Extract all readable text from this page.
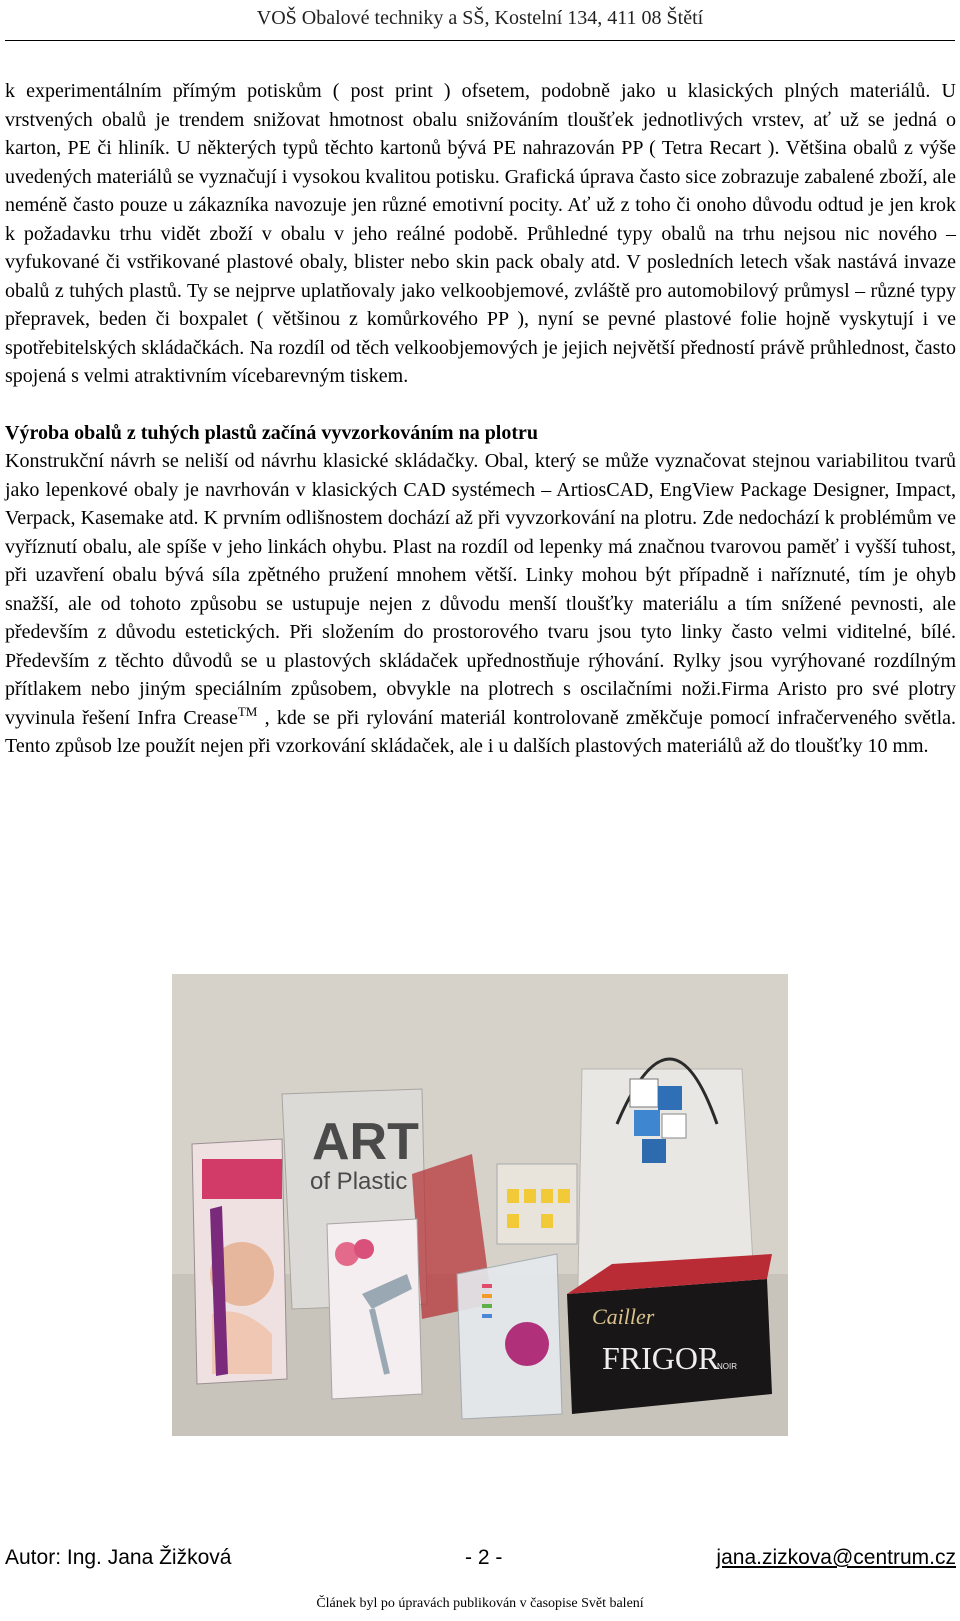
VOŠ Obalové techniky a SŠ, Kostelní 134, 411 08 Štětí

k experimentálním přímým potiskům ( post print ) ofsetem, podobně jako u klasických plných materiálů. U vrstvených obalů je trendem snižovat hmotnost obalu snižováním tloušťek jednotlivých vrstev, ať už se jedná o karton, PE či hliník. U některých typů těchto kartonů bývá PE nahrazován PP ( Tetra Recart ). Většina obalů z výše uvedených materiálů se vyznačují i vysokou kvalitou potisku. Grafická úprava často sice zobrazuje zabalené zboží, ale neméně často pouze u zákazníka navozuje jen různé emotivní pocity. Ať už z toho či onoho důvodu odtud je jen krok k požadavku trhu vidět zboží v obalu v jeho reálné podobě. Průhledné typy obalů na trhu nejsou nic nového – vyfukované či vstřikované plastové obaly, blister nebo skin pack obaly atd. V posledních letech však nastává invaze obalů z tuhých plastů. Ty se nejprve uplatňovaly jako velkoobjemové, zvláště pro automobilový průmysl – různé typy přepravek, beden či boxpalet ( většinou z komůrkového PP ), nyní se pevné plastové folie hojně vyskytují i ve spotřebitelských skládačkách. Na rozdíl od těch velkoobjemových je jejich největší předností právě průhlednost, často spojená s velmi atraktivním vícebarevným tiskem.

Výroba obalů z tuhých plastů začíná vyvzorkováním na plotru

Konstrukční návrh se neliší od návrhu klasické skládačky. Obal, který se může vyznačovat stejnou variabilitou tvarů jako lepenkové obaly je navrhován v klasických CAD systémech – ArtiosCAD, EngView Package Designer, Impact, Verpack, Kasemake atd. K prvním odlišnostem dochází až při vyvzorkování na plotru. Zde nedochází k problémům ve vyříznutí obalu, ale spíše v jeho linkách ohybu. Plast na rozdíl od lepenky má značnou tvarovou paměť i vyšší tuhost, při uzavření obalu bývá síla zpětného pružení mnohem větší. Linky mohou být případně i naříznuté, tím je ohyb snažší, ale od tohoto způsobu se ustupuje nejen z důvodu menší tloušťky materiálu a tím snížené pevnosti, ale především z důvodu estetických. Při složením do prostorového tvaru jsou tyto linky často velmi viditelné, bílé. Především z těchto důvodů se u plastových skládaček upřednostňuje rýhování. Rylky jsou vyrýhované rozdílným přítlakem nebo jiným speciálním způsobem, obvykle na plotrech s oscilačními noži.Firma Aristo pro své plotry vyvinula řešení Infra Crease™ , kde se při rylování materiál kontrolovaně změkčuje pomocí infračerveného světla. Tento způsob lze použít nejen při vzorkování skládaček, ale i u dalších plastových materiálů až do tloušťky 10 mm.

ART
of Plastic
Cailler
FRIGOR
NOIR
Autor: Ing. Jana Žižková	- 2 -	jana.zizkova@centrum.cz
Článek byl po úpravách publikován v časopise Svět balení
